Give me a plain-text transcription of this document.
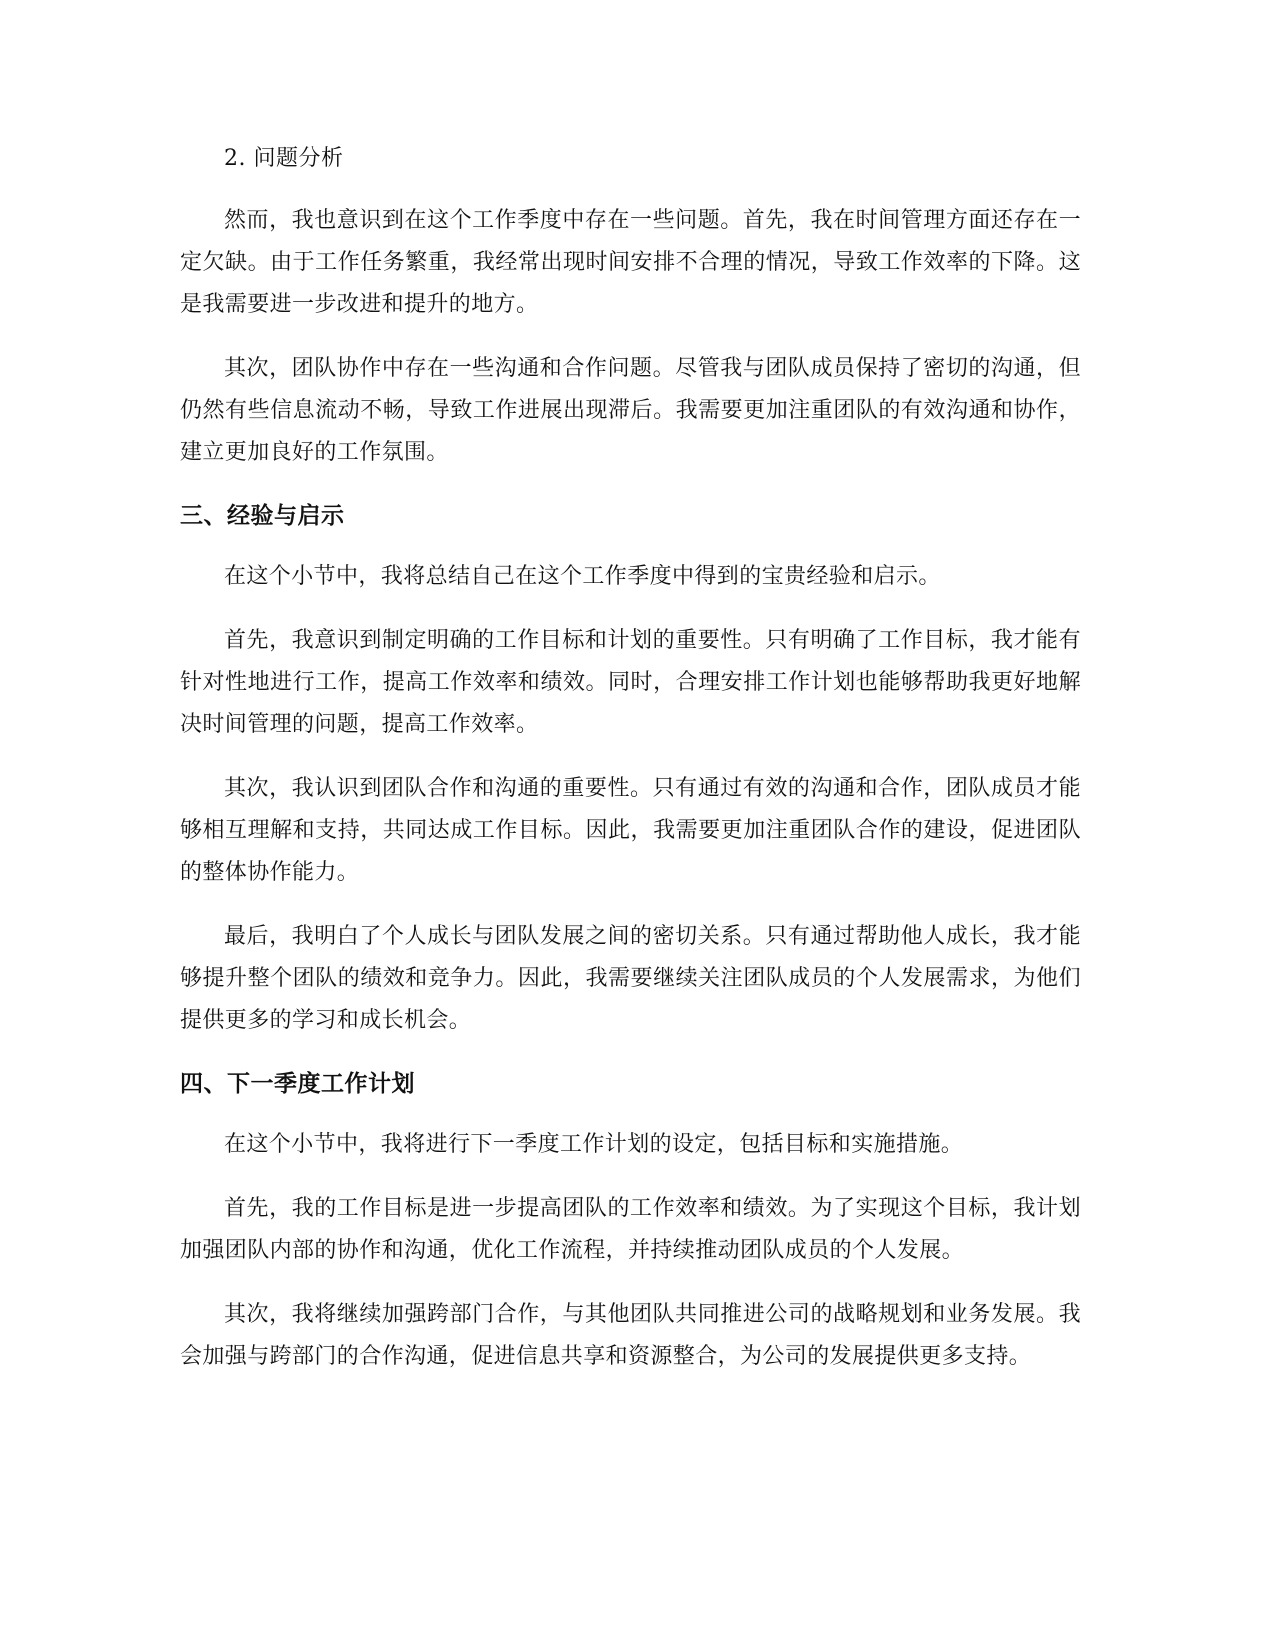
2. 问题分析

然而，我也意识到在这个工作季度中存在一些问题。首先，我在时间管理方面还存在一定欠缺。由于工作任务繁重，我经常出现时间安排不合理的情况，导致工作效率的下降。这是我需要进一步改进和提升的地方。

其次，团队协作中存在一些沟通和合作问题。尽管我与团队成员保持了密切的沟通，但仍然有些信息流动不畅，导致工作进展出现滞后。我需要更加注重团队的有效沟通和协作，建立更加良好的工作氛围。

三、经验与启示

在这个小节中，我将总结自己在这个工作季度中得到的宝贵经验和启示。

首先，我意识到制定明确的工作目标和计划的重要性。只有明确了工作目标，我才能有针对性地进行工作，提高工作效率和绩效。同时，合理安排工作计划也能够帮助我更好地解决时间管理的问题，提高工作效率。

其次，我认识到团队合作和沟通的重要性。只有通过有效的沟通和合作，团队成员才能够相互理解和支持，共同达成工作目标。因此，我需要更加注重团队合作的建设，促进团队的整体协作能力。

最后，我明白了个人成长与团队发展之间的密切关系。只有通过帮助他人成长，我才能够提升整个团队的绩效和竞争力。因此，我需要继续关注团队成员的个人发展需求，为他们提供更多的学习和成长机会。

四、下一季度工作计划

在这个小节中，我将进行下一季度工作计划的设定，包括目标和实施措施。

首先，我的工作目标是进一步提高团队的工作效率和绩效。为了实现这个目标，我计划加强团队内部的协作和沟通，优化工作流程，并持续推动团队成员的个人发展。

其次，我将继续加强跨部门合作，与其他团队共同推进公司的战略规划和业务发展。我会加强与跨部门的合作沟通，促进信息共享和资源整合，为公司的发展提供更多支持。
